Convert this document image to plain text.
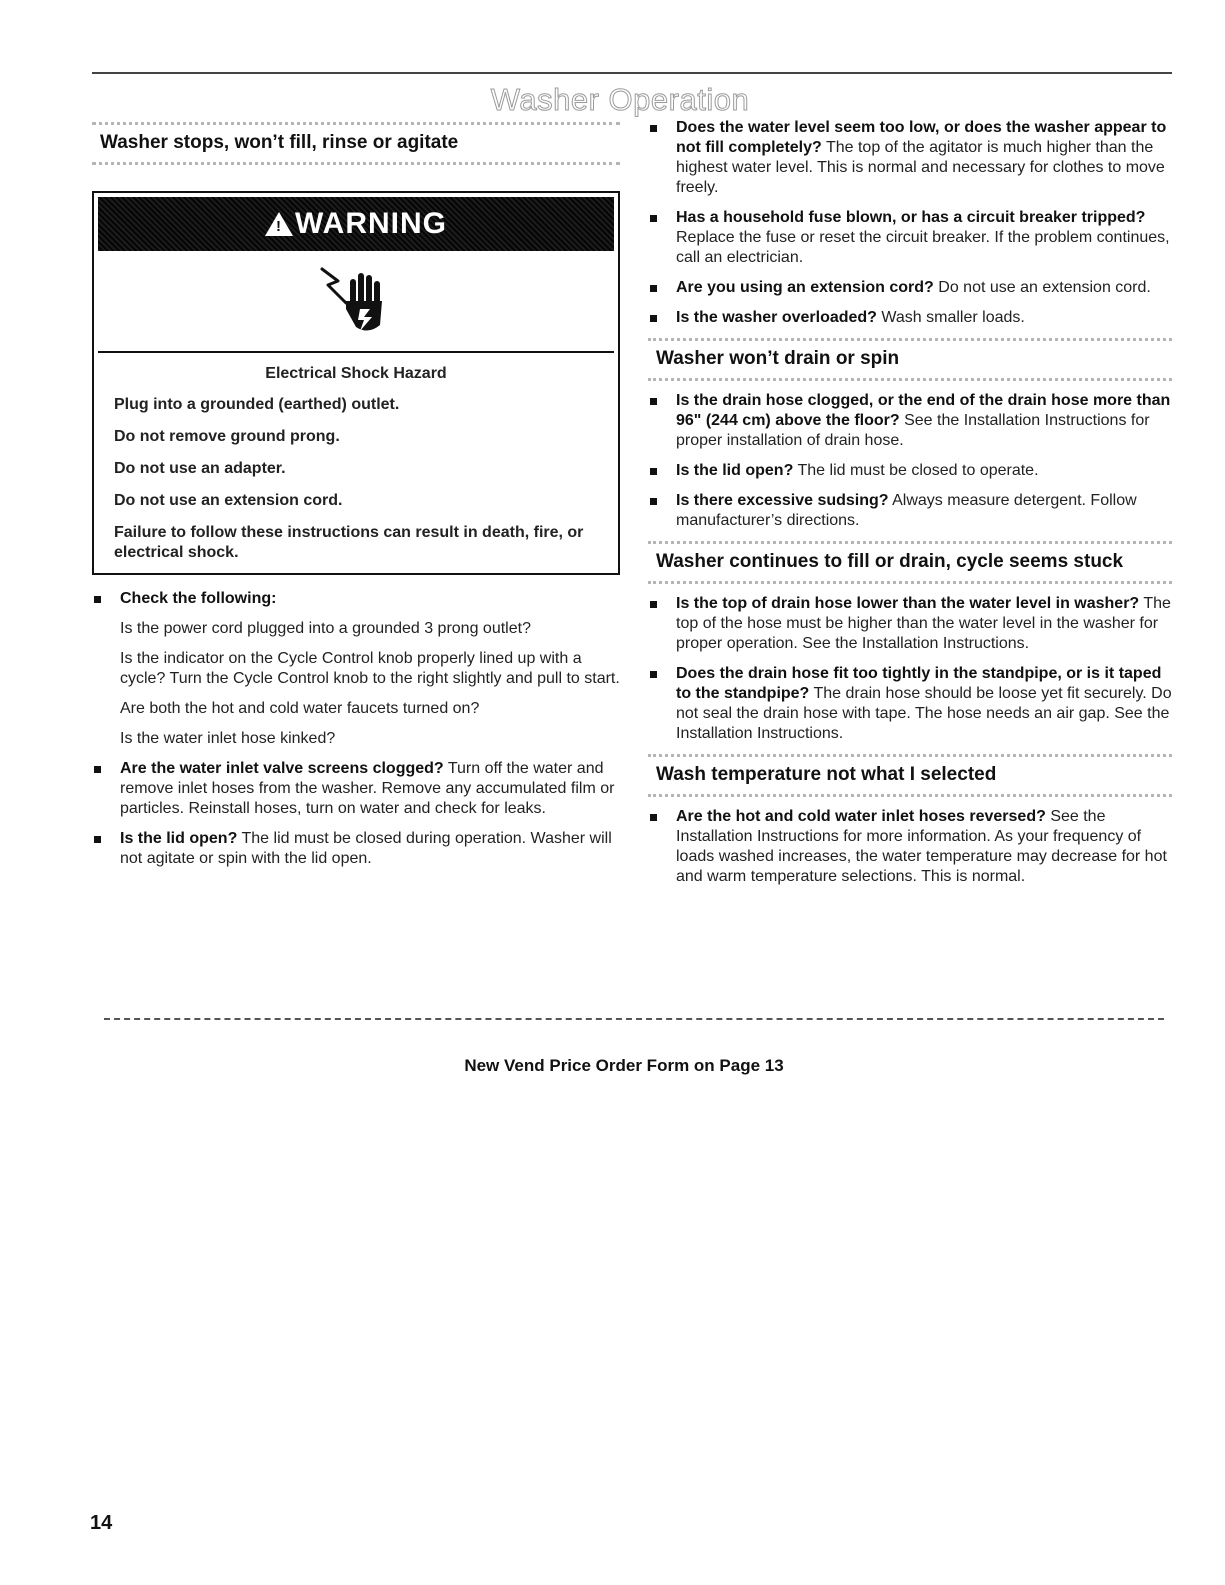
Washer Operation
Washer stops, won’t fill, rinse or agitate
! WARNING
Electrical Shock Hazard

Plug into a grounded (earthed) outlet.

Do not remove ground prong.

Do not use an adapter.

Do not use an extension cord.

Failure to follow these instructions can result in death, fire, or electrical shock.

Check the following:

Is the power cord plugged into a grounded 3 prong outlet?

Is the indicator on the Cycle Control knob properly lined up with a cycle? Turn the Cycle Control knob to the right slightly and pull to start.

Are both the hot and cold water faucets turned on?

Is the water inlet hose kinked?

Are the water inlet valve screens clogged? Turn off the water and remove inlet hoses from the washer. Remove any accumulated film or particles. Reinstall hoses, turn on water and check for leaks.
Is the lid open? The lid must be closed during operation. Washer will not agitate or spin with the lid open.
Does the water level seem too low, or does the washer appear to not fill completely? The top of the agitator is much higher than the highest water level. This is normal and necessary for clothes to move freely.
Has a household fuse blown, or has a circuit breaker tripped? Replace the fuse or reset the circuit breaker. If the problem continues, call an electrician.
Are you using an extension cord? Do not use an extension cord.
Is the washer overloaded? Wash smaller loads.
Washer won’t drain or spin
Is the drain hose clogged, or the end of the drain hose more than 96" (244 cm) above the floor? See the Installation Instructions for proper installation of drain hose.
Is the lid open? The lid must be closed to operate.
Is there excessive sudsing? Always measure detergent. Follow manufacturer’s directions.
Washer continues to fill or drain, cycle seems stuck
Is the top of drain hose lower than the water level in washer? The top of the hose must be higher than the water level in the washer for proper operation. See the Installation Instructions.
Does the drain hose fit too tightly in the standpipe, or is it taped to the standpipe? The drain hose should be loose yet fit securely. Do not seal the drain hose with tape. The hose needs an air gap. See the Installation Instructions.
Wash temperature not what I selected
Are the hot and cold water inlet hoses reversed? See the Installation Instructions for more information. As your frequency of loads washed increases, the water temperature may decrease for hot and warm temperature selections. This is normal.
New Vend Price Order Form on Page 13
14
